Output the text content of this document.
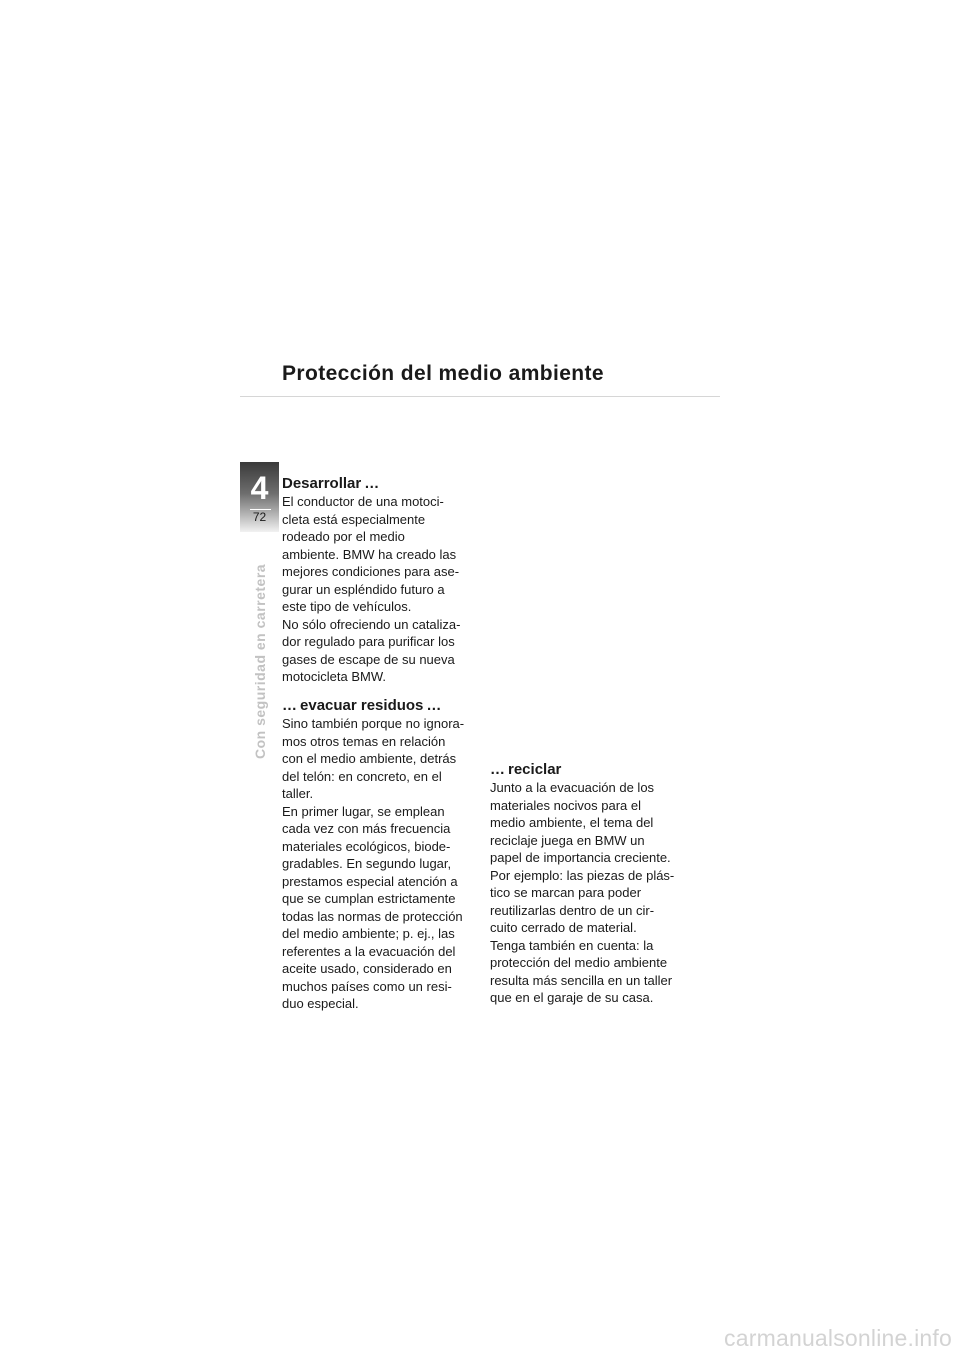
Protección del medio ambiente
4
72
Con seguridad en carretera
Desarrollar …
El conductor de una motoci-
cleta está especialmente
rodeado por el medio
ambiente. BMW ha creado las
mejores condiciones para ase-
gurar un espléndido futuro a
este tipo de vehículos.
No sólo ofreciendo un cataliza-
dor regulado para purificar los
gases de escape de su nueva
motocicleta BMW.
… evacuar residuos …
Sino también porque no ignora-
mos otros temas en relación
con el medio ambiente, detrás
del telón: en concreto, en el
taller.
En primer lugar, se emplean
cada vez con más frecuencia
materiales ecológicos, biode-
gradables. En segundo lugar,
prestamos especial atención a
que se cumplan estrictamente
todas las normas de protección
del medio ambiente; p. ej., las
referentes a la evacuación del
aceite usado, considerado en
muchos países como un resi-
duo especial.
… reciclar
Junto a la evacuación de los
materiales nocivos para el
medio ambiente, el tema del
reciclaje juega en BMW un
papel de importancia creciente.
Por ejemplo: las piezas de plás-
tico se marcan para poder
reutilizarlas dentro de un cir-
cuito cerrado de material.
Tenga también en cuenta: la
protección del medio ambiente
resulta más sencilla en un taller
que en el garaje de su casa.
carmanualsonline.info
